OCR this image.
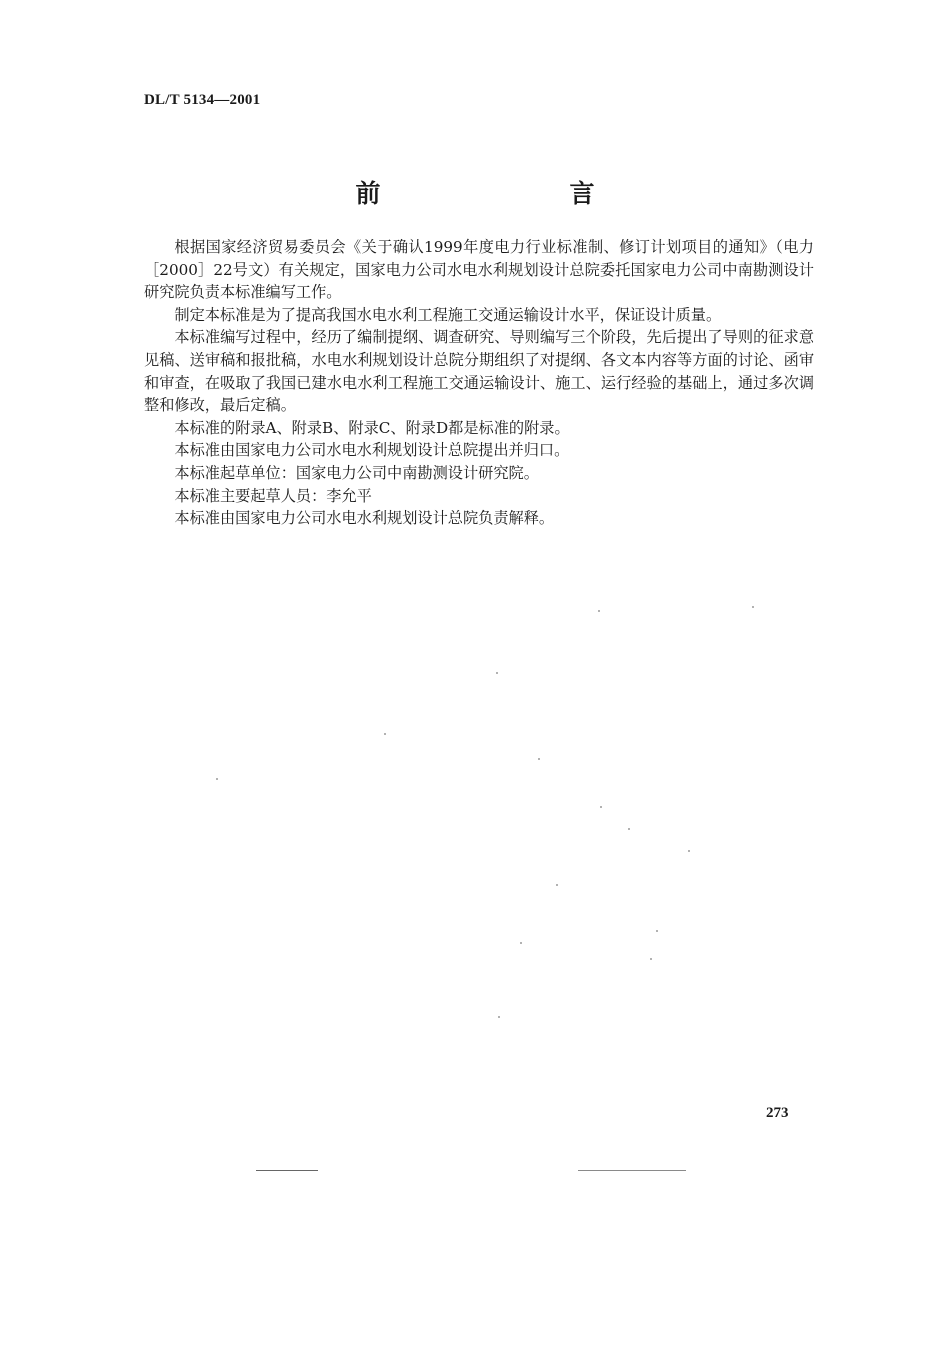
DL/T 5134—2001
前　言

根据国家经济贸易委员会《关于确认1999年度电力行业标准制、修订计划项目的通知》（电力［2000］22号文）有关规定，国家电力公司水电水利规划设计总院委托国家电力公司中南勘测设计研究院负责本标准编写工作。

制定本标准是为了提高我国水电水利工程施工交通运输设计水平，保证设计质量。

本标准编写过程中，经历了编制提纲、调查研究、导则编写三个阶段，先后提出了导则的征求意见稿、送审稿和报批稿，水电水利规划设计总院分期组织了对提纲、各文本内容等方面的讨论、函审和审查，在吸取了我国已建水电水利工程施工交通运输设计、施工、运行经验的基础上，通过多次调整和修改，最后定稿。

本标准的附录A、附录B、附录C、附录D都是标准的附录。

本标准由国家电力公司水电水利规划设计总院提出并归口。

本标准起草单位：国家电力公司中南勘测设计研究院。

本标准主要起草人员：李允平

本标准由国家电力公司水电水利规划设计总院负责解释。

273
